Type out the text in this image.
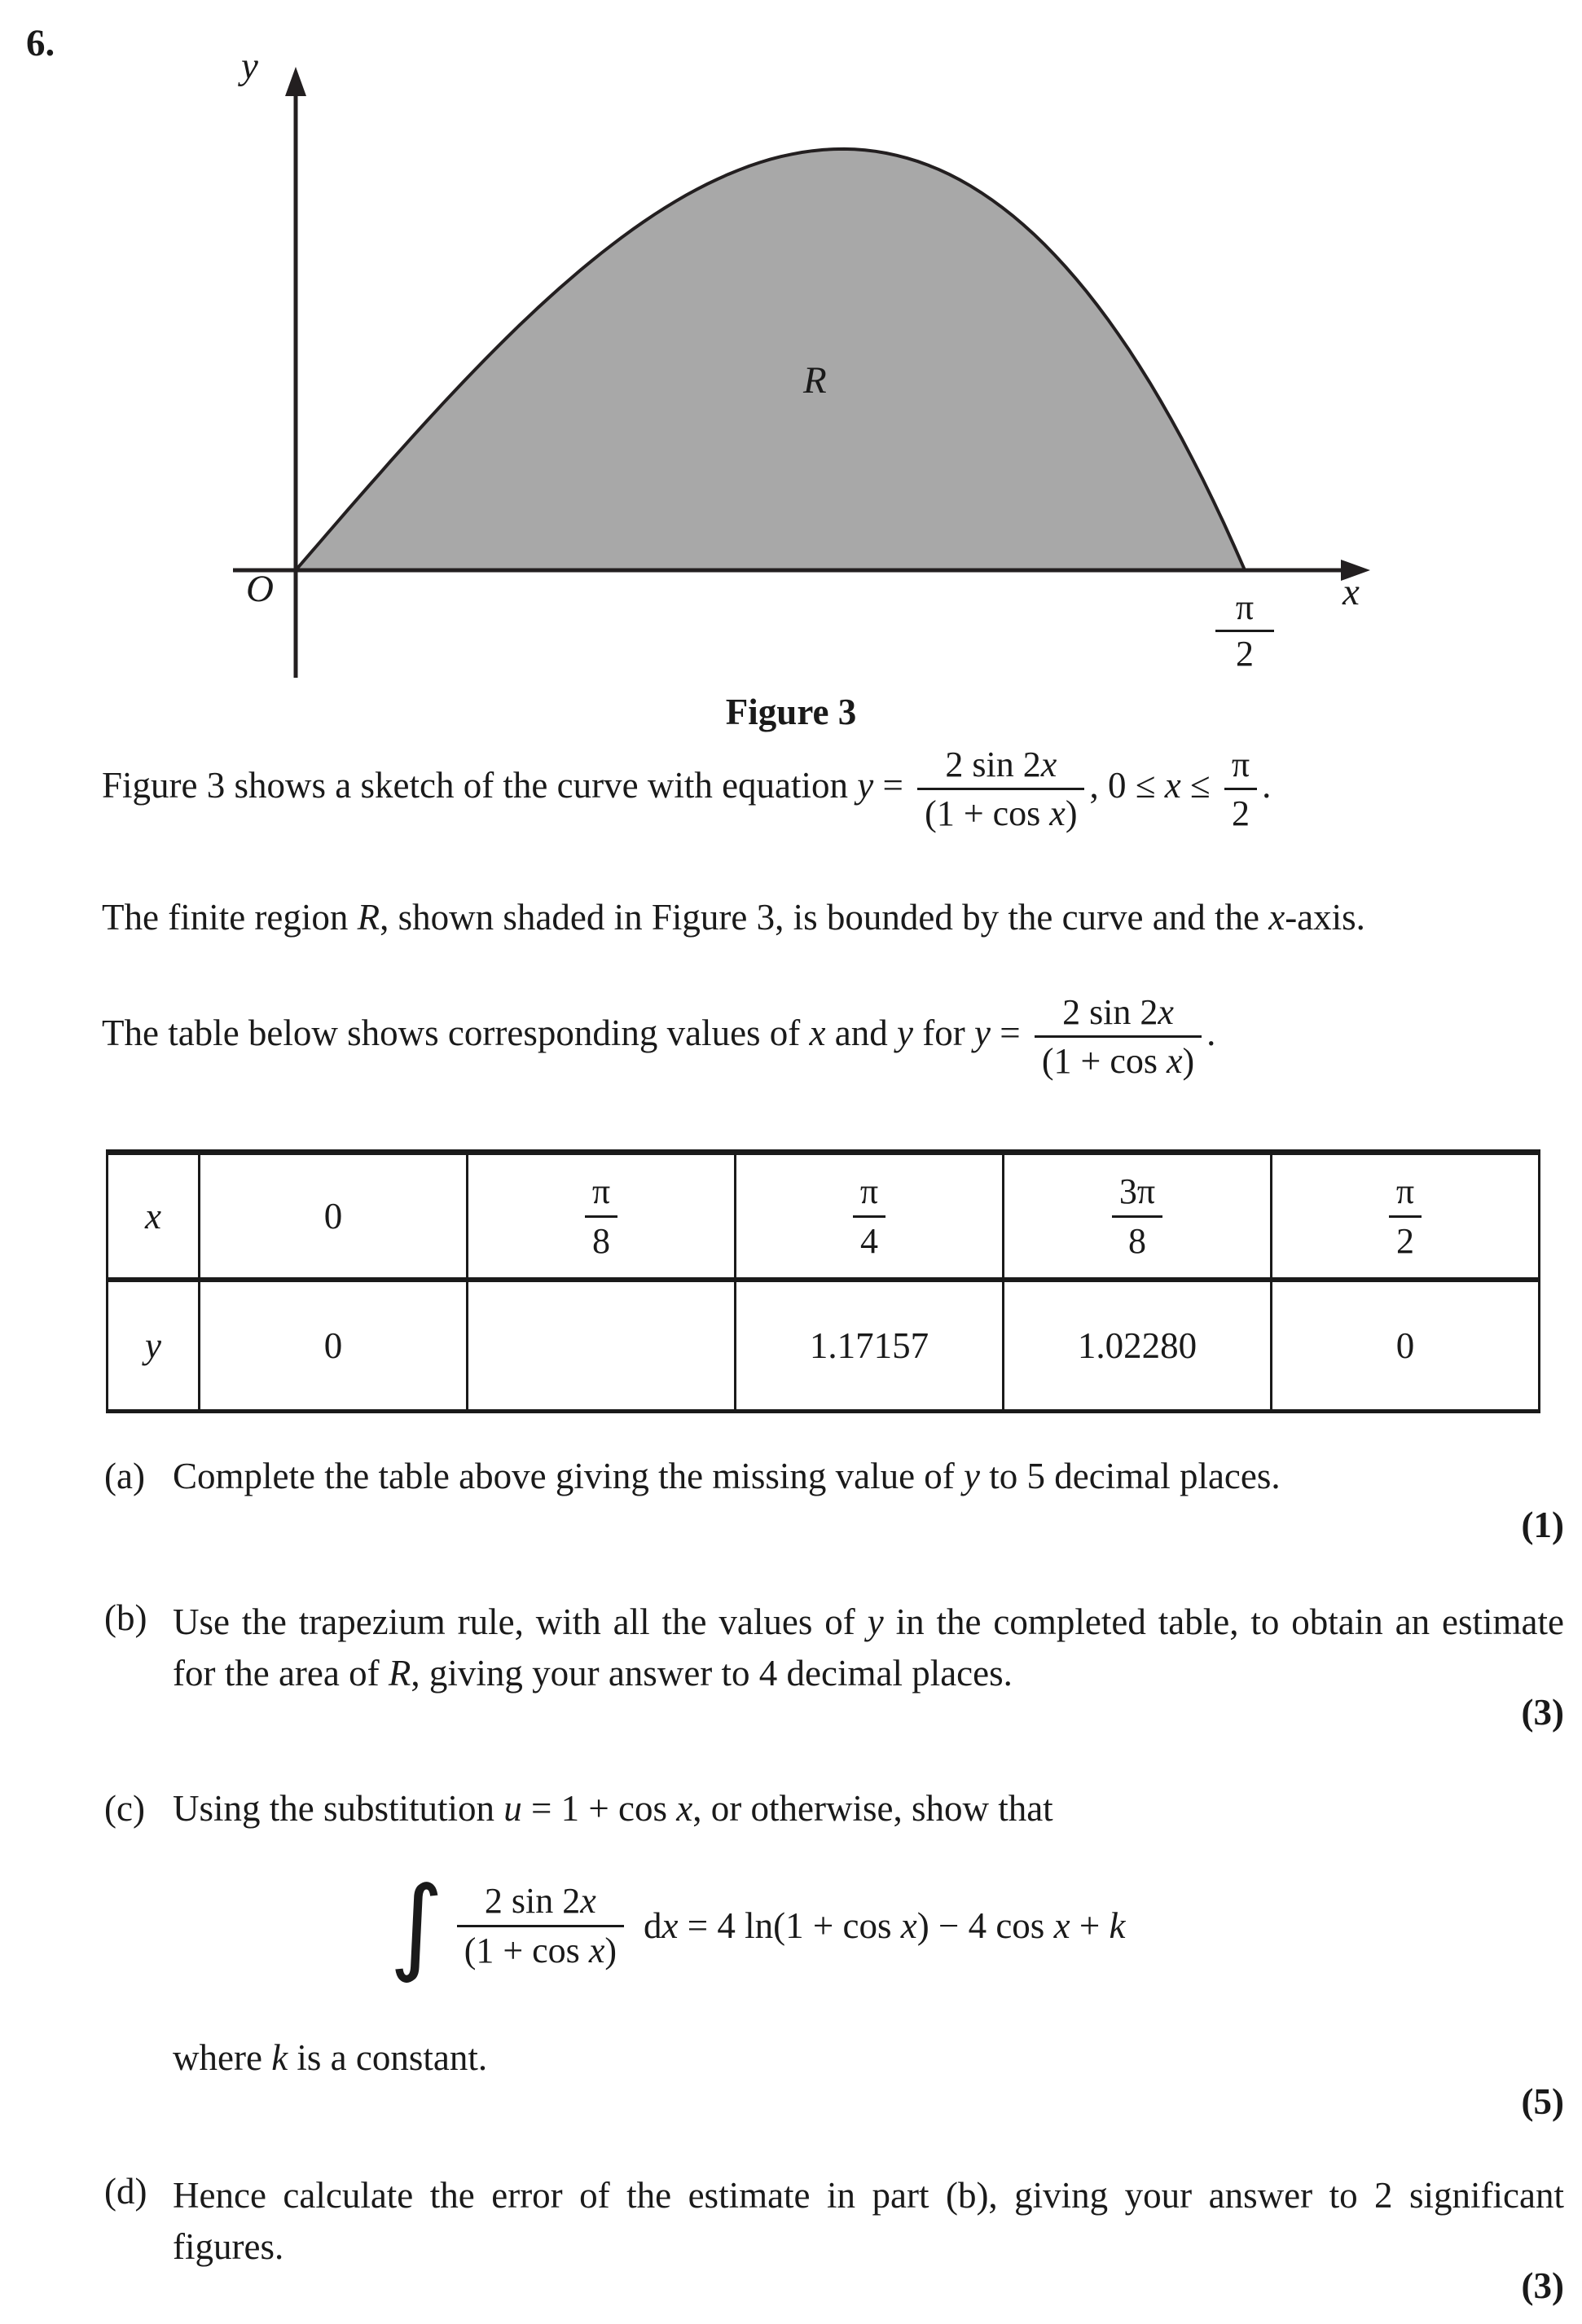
6.
y
O	x
R
π
2
Figure 3
Figure 3 shows a sketch of the curve with equation $y = \frac{2 \sin 2x}{\text{(1 + cos x)}}$ , $0 \le x \le \frac{\pi}{2}$ .
The finite region R, shown shaded in Figure 3, is bounded by the curve and the x-axis.
The table below shows corresponding values of x and y for $y = \frac{2 \sin 2x}{\text{(1 + cos x)}}$ .
x	0	$\frac{\pi}{8}$	$\frac{\pi}{4}$	$\frac{3\pi}{8}$	$\frac{\pi}{2}$

y	0		1.17157	1.02280	0
(a) Complete the table above giving the missing value of y to 5 decimal places.
(1)
(b) Use the trapezium rule, with all the values of y in the completed table, to obtain an estimate for the area of R, giving your answer to 4 decimal places.
(3)
(c) Using the substitution u = 1 + cos x, or otherwise, show that
∫ $\frac{2 \sin 2x}{\text{(1 + cos x)}}$ dx = 4 ln(1 + cos x) − 4 cos x + k
where k is a constant.
(5)
(d) Hence calculate the error of the estimate in part (b), giving your answer to 2 significant figures.
(3)
